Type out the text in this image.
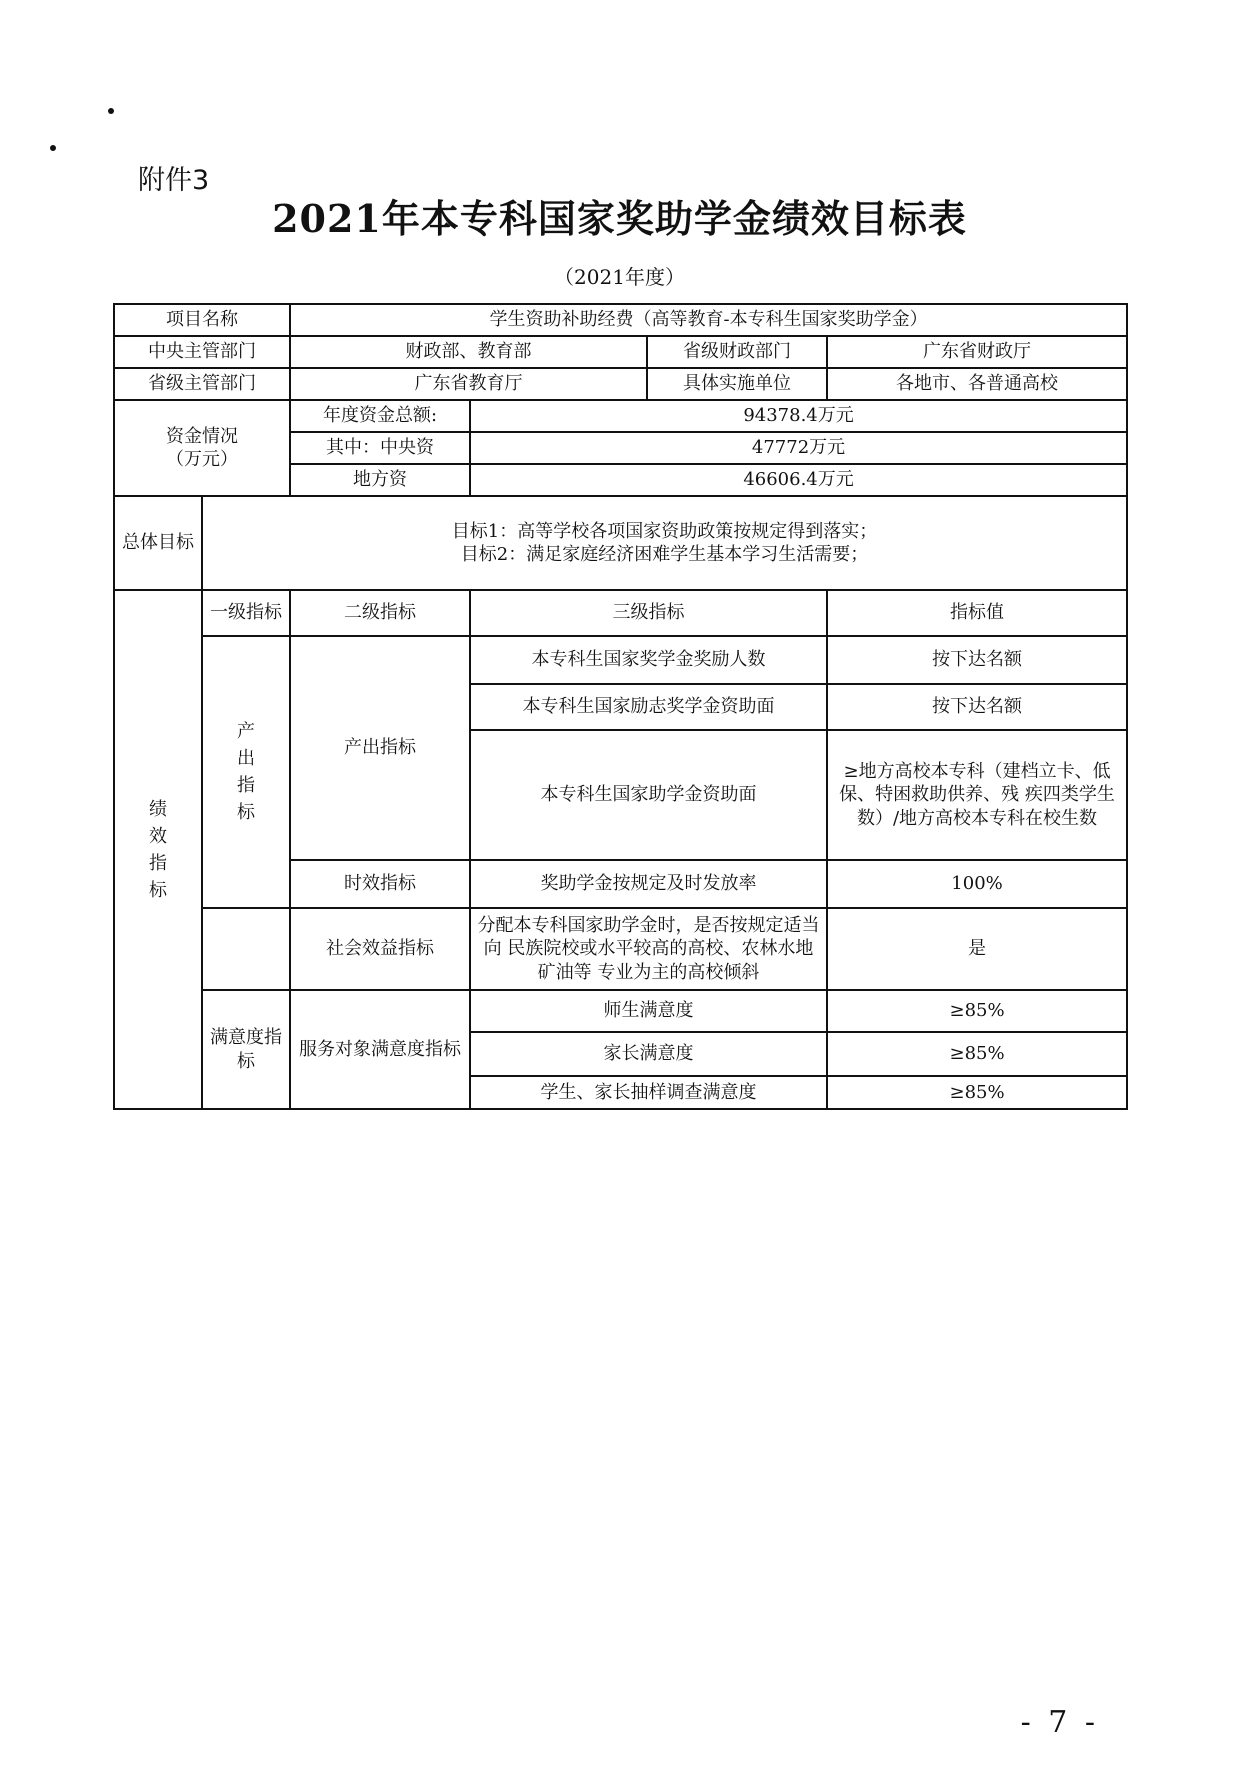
附件3
2021年本专科国家奖助学金绩效目标表
（2021年度）
项目名称		学生资助补助经费（高等教育-本专科生国家奖助学金）			
中央主管部门		财政部、教育部		省级财政部门	广东省财政厅
省级主管部门		广东省教育厅		具体实施单位	各地市、各普通高校

资金情况
（万元）		年度资金总额:	94378.4万元		
		其中：中央资	47772万元		
		地方资	46606.4万元		
总体目标	目标1：高等学校各项国家资助政策按规定得到落实；
目标2：满足家庭经济困难学生基本学习生活需要；				

绩效指标	一级指标	二级指标	三级指标		指标值
	产出指标	产出指标	本专科生国家奖学金奖励人数		按下达名额
			本专科生国家励志奖学金资助面		按下达名额
			本专科生国家助学金资助面		≥地方高校本专科（建档立卡、低保、特困救助供养、残 疾四类学生数）/地方高校本专科在校生数
		时效指标	奖助学金按规定及时发放率		100%
		社会效益指标	分配本专科国家助学金时，是否按规定适当向 民族院校或水平较高的高校、农林水地矿油等 专业为主的高校倾斜		是
	满意度指标	服务对象满意度指标	师生满意度		≥85%
			家长满意度		≥85%
			学生、家长抽样调查满意度		≥85%
- 7 -
